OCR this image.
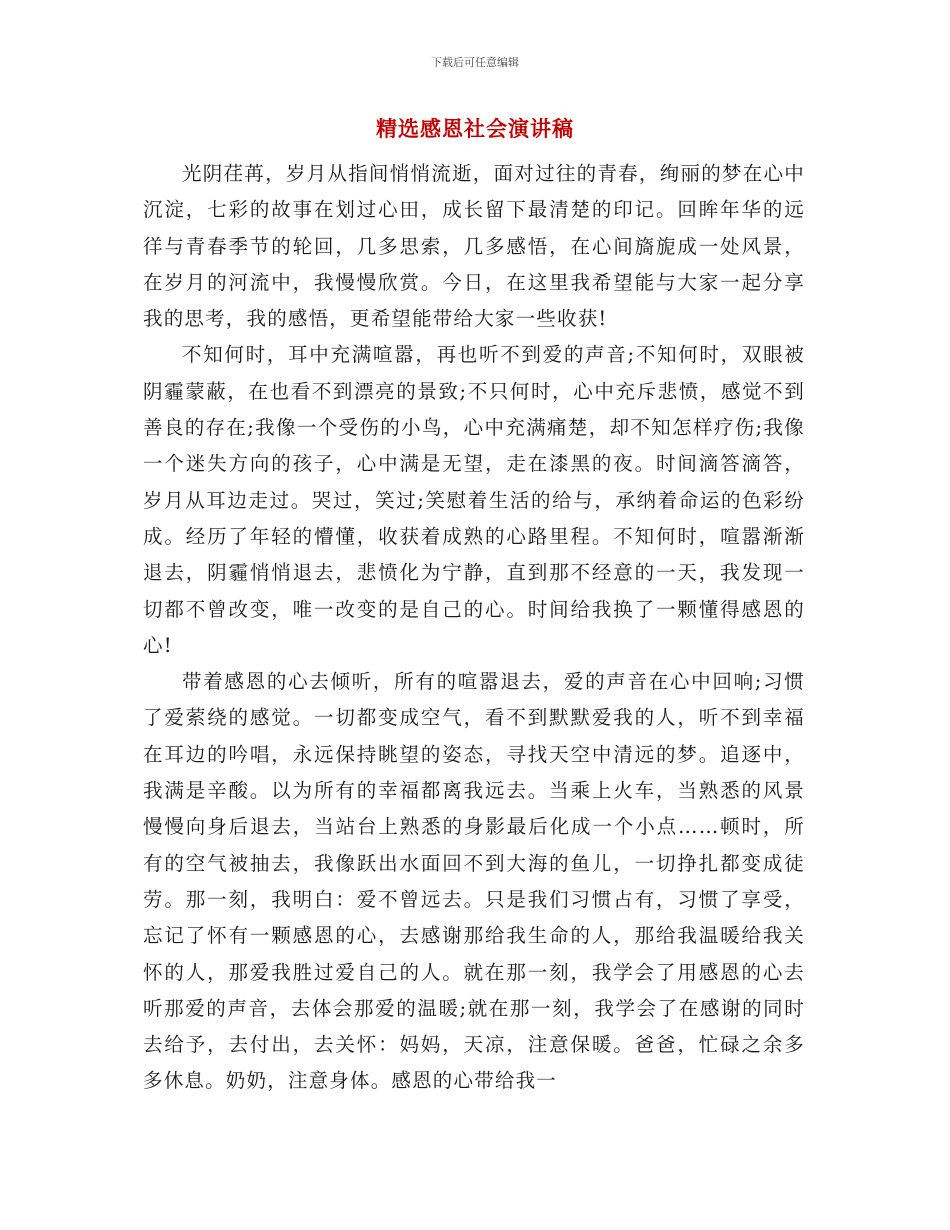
下载后可任意编辑
精选感恩社会演讲稿

光阴荏苒，岁月从指间悄悄流逝，面对过往的青春，绚丽的梦在心中沉淀，七彩的故事在划过心田，成长留下最清楚的印记。回眸年华的远徉与青春季节的轮回，几多思索，几多感悟，在心间旖旎成一处风景，在岁月的河流中，我慢慢欣赏。今日，在这里我希望能与大家一起分享我的思考，我的感悟，更希望能带给大家一些收获!

不知何时，耳中充满喧嚣，再也听不到爱的声音;不知何时，双眼被阴霾蒙蔽，在也看不到漂亮的景致;不只何时，心中充斥悲愤，感觉不到善良的存在;我像一个受伤的小鸟，心中充满痛楚，却不知怎样疗伤;我像一个迷失方向的孩子，心中满是无望，走在漆黑的夜。时间滴答滴答，岁月从耳边走过。哭过，笑过;笑慰着生活的给与，承纳着命运的色彩纷成。经历了年轻的懵懂，收获着成熟的心路里程。不知何时，喧嚣渐渐退去，阴霾悄悄退去，悲愤化为宁静，直到那不经意的一天，我发现一切都不曾改变，唯一改变的是自己的心。时间给我换了一颗懂得感恩的心!

带着感恩的心去倾听，所有的喧嚣退去，爱的声音在心中回响;习惯了爱萦绕的感觉。一切都变成空气，看不到默默爱我的人，听不到幸福在耳边的吟唱，永远保持眺望的姿态，寻找天空中清远的梦。追逐中，我满是辛酸。以为所有的幸福都离我远去。当乘上火车，当熟悉的风景慢慢向身后退去，当站台上熟悉的身影最后化成一个小点……顿时，所有的空气被抽去，我像跃出水面回不到大海的鱼儿，一切挣扎都变成徒劳。那一刻，我明白：爱不曾远去。只是我们习惯占有，习惯了享受，忘记了怀有一颗感恩的心，去感谢那给我生命的人，那给我温暖给我关怀的人，那爱我胜过爱自己的人。就在那一刻，我学会了用感恩的心去听那爱的声音，去体会那爱的温暖;就在那一刻，我学会了在感谢的同时去给予，去付出，去关怀：妈妈，天凉，注意保暖。爸爸，忙碌之余多多休息。奶奶，注意身体。感恩的心带给我一
